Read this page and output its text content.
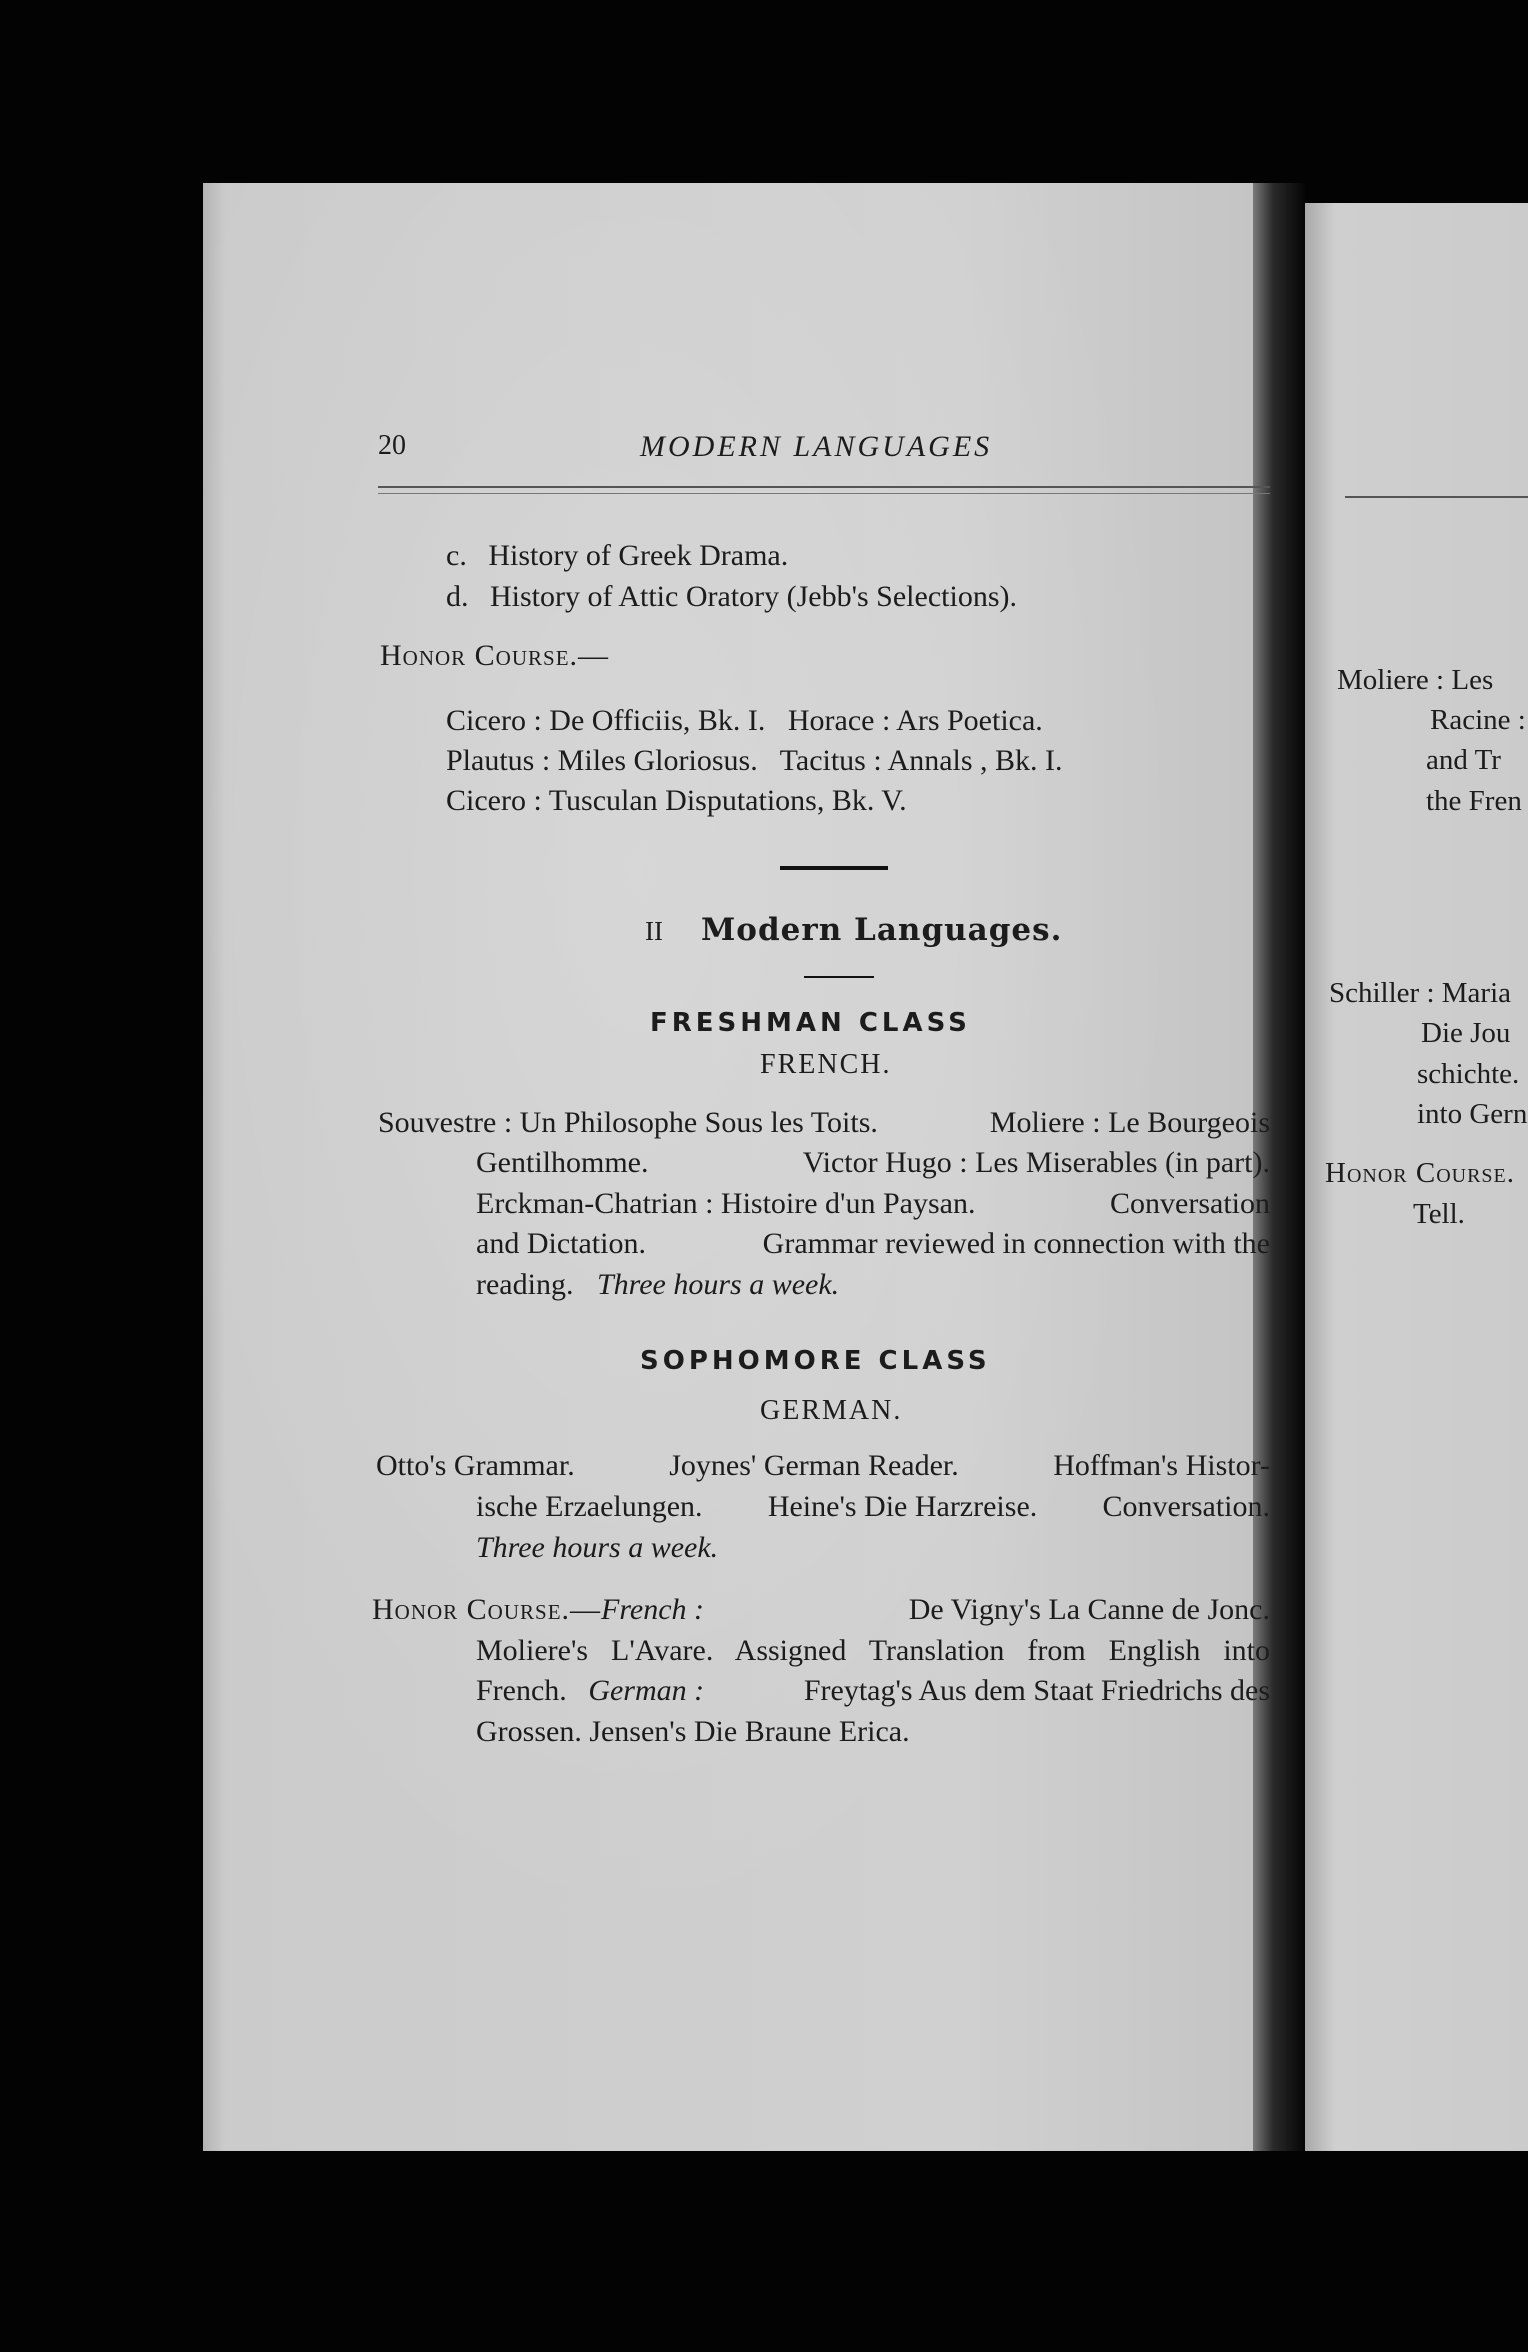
20	MODERN LANGUAGES
c. History of Greek Drama.
d. History of Attic Oratory (Jebb's Selections).
Honor Course.—
Cicero : De Officiis, Bk. I.   Horace : Ars Poetica.
Plautus : Miles Gloriosus.   Tacitus : Annals , Bk. I.
Cicero : Tusculan Disputations, Bk. V.
II Modern Languages.
FRESHMAN CLASS
FRENCH.
Souvestre : Un Philosophe Sous les Toits.	Moliere : Le Bourgeois
Gentilhomme.	Victor Hugo : Les Miserables (in part).
Erckman-Chatrian : Histoire d'un Paysan.	Conversation
and Dictation.	Grammar reviewed in connection with the
reading. Three hours a week.
SOPHOMORE CLASS
GERMAN.
Otto's Grammar.	Joynes' German Reader.	Hoffman's Histor-
ische Erzaelungen. Heine's Die Harzreise. Conversation.
Three hours a week.
Honor Course.—French :	De Vigny's La Canne de Jonc.
Moliere's L'Avare. Assigned Translation from English into
French. German :	Freytag's Aus dem Staat Friedrichs des
Grossen. Jensen's Die Braune Erica.
Moliere : Les
Racine :
and Tr
the Fren
Schiller : Maria
Die Jou
schichte.
into Gern
Honor Course.
Tell.
